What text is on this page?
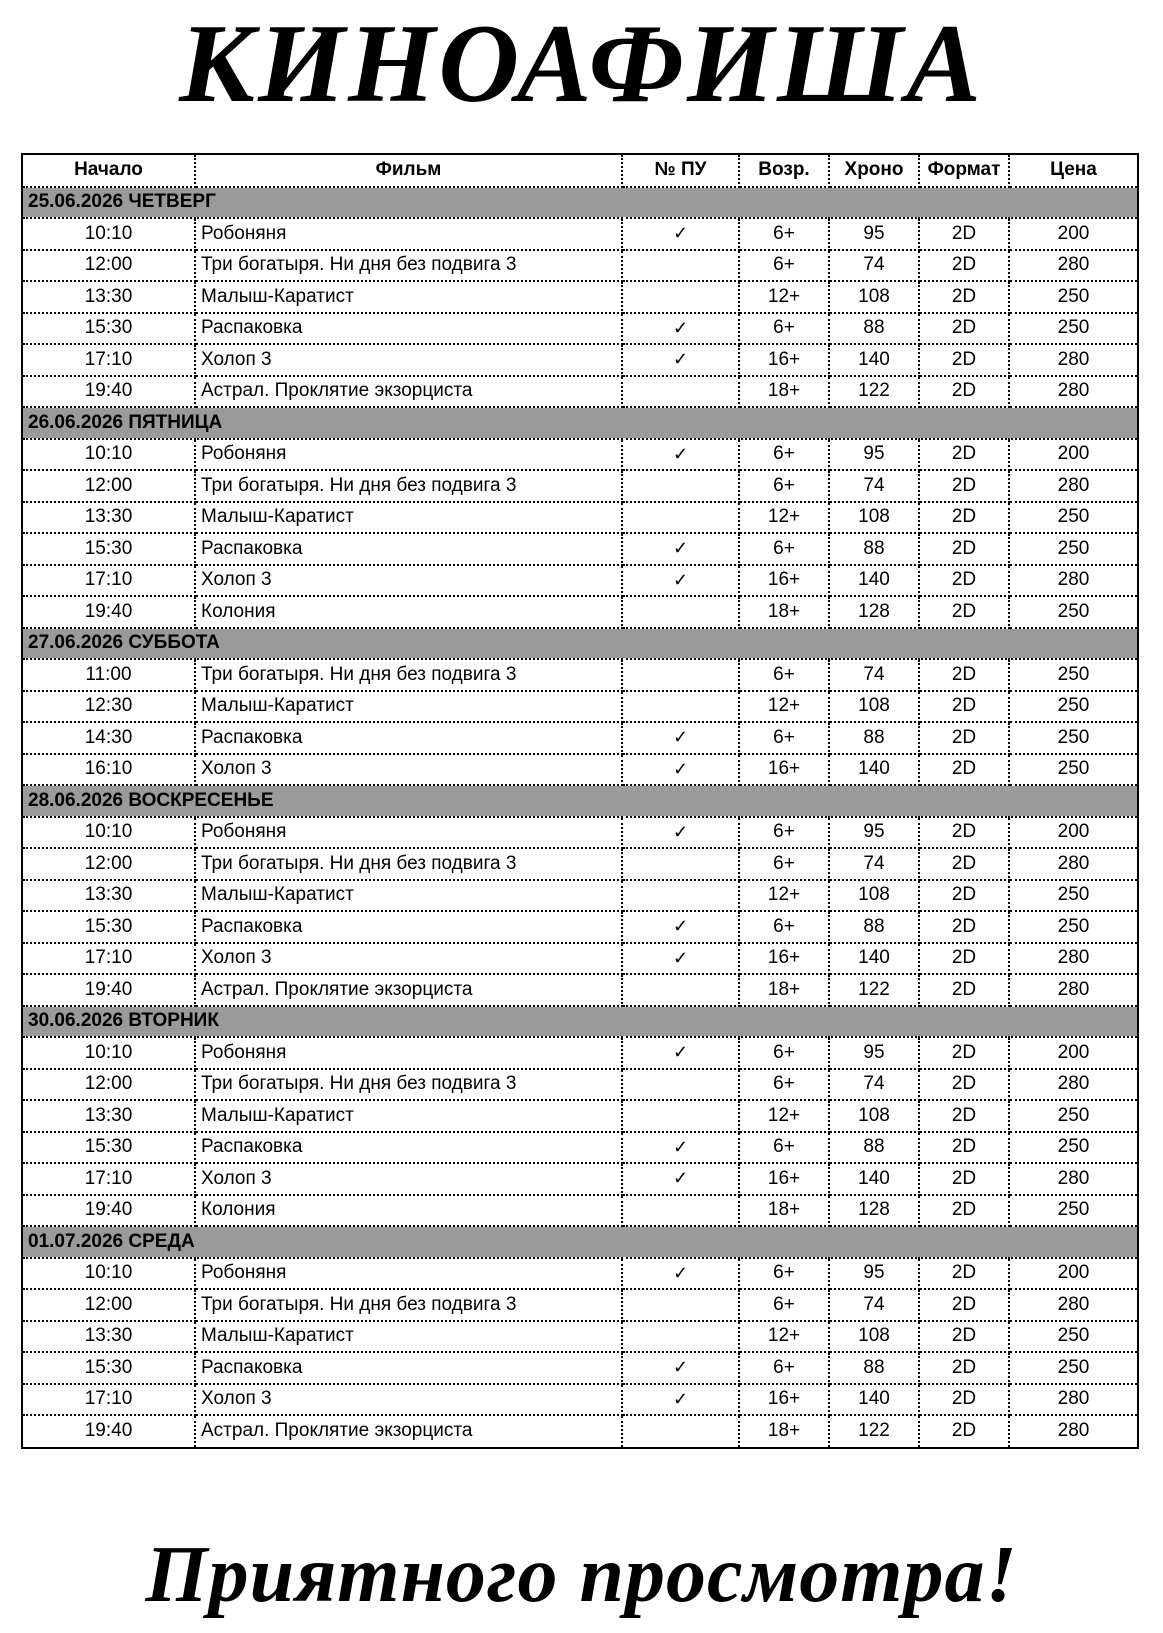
КИНОАФИША
Начало	Фильм	№ ПУ	Возр.	Хроно	Формат	Цена
25.06.2026 ЧЕТВЕРГ						
10:10	Робоняня	✓	6+	95	2D	200
12:00	Три богатыря. Ни дня без подвига 3		6+	74	2D	280
13:30	Малыш-Каратист		12+	108	2D	250
15:30	Распаковка	✓	6+	88	2D	250
17:10	Холоп 3	✓	16+	140	2D	280
19:40	Астрал. Проклятие экзорциста		18+	122	2D	280
26.06.2026 ПЯТНИЦА						
10:10	Робоняня	✓	6+	95	2D	200
12:00	Три богатыря. Ни дня без подвига 3		6+	74	2D	280
13:30	Малыш-Каратист		12+	108	2D	250
15:30	Распаковка	✓	6+	88	2D	250
17:10	Холоп 3	✓	16+	140	2D	280
19:40	Колония		18+	128	2D	250
27.06.2026 СУББОТА						
11:00	Три богатыря. Ни дня без подвига 3		6+	74	2D	250
12:30	Малыш-Каратист		12+	108	2D	250
14:30	Распаковка	✓	6+	88	2D	250
16:10	Холоп 3	✓	16+	140	2D	250
28.06.2026 ВОСКРЕСЕНЬЕ						
10:10	Робоняня	✓	6+	95	2D	200
12:00	Три богатыря. Ни дня без подвига 3		6+	74	2D	280
13:30	Малыш-Каратист		12+	108	2D	250
15:30	Распаковка	✓	6+	88	2D	250
17:10	Холоп 3	✓	16+	140	2D	280
19:40	Астрал. Проклятие экзорциста		18+	122	2D	280
30.06.2026 ВТОРНИК						
10:10	Робоняня	✓	6+	95	2D	200
12:00	Три богатыря. Ни дня без подвига 3		6+	74	2D	280
13:30	Малыш-Каратист		12+	108	2D	250
15:30	Распаковка	✓	6+	88	2D	250
17:10	Холоп 3	✓	16+	140	2D	280
19:40	Колония		18+	128	2D	250
01.07.2026 СРЕДА						
10:10	Робоняня	✓	6+	95	2D	200
12:00	Три богатыря. Ни дня без подвига 3		6+	74	2D	280
13:30	Малыш-Каратист		12+	108	2D	250
15:30	Распаковка	✓	6+	88	2D	250
17:10	Холоп 3	✓	16+	140	2D	280
19:40	Астрал. Проклятие экзорциста		18+	122	2D	280
Приятного просмотра!
